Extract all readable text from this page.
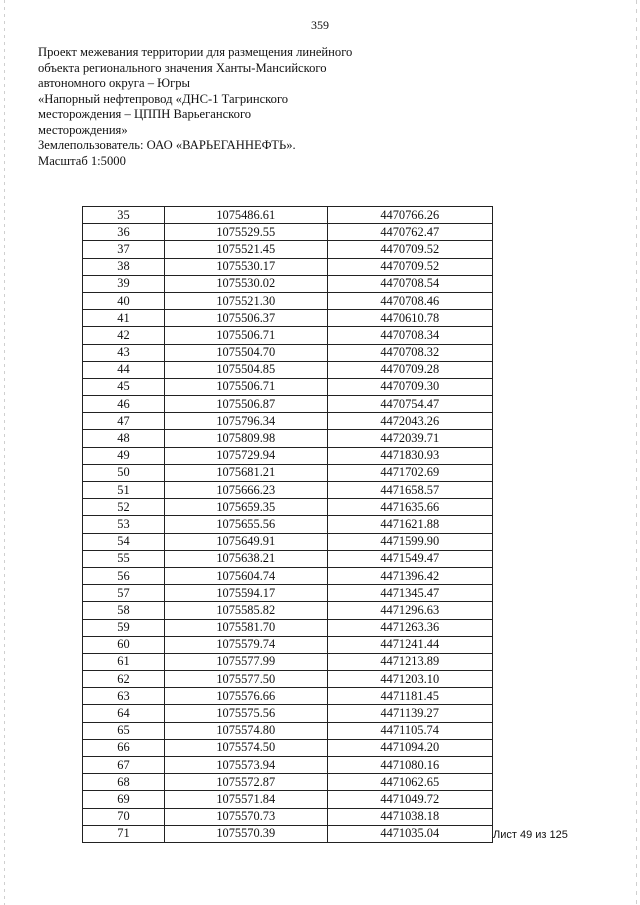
359
Проект межевания территории для размещения линейного
объекта регионального значения Ханты-Мансийского
автономного округа – Югры
«Напорный нефтепровод «ДНС-1 Тагринского
месторождения – ЦППН Варьеганского
месторождения»
Землепользователь: ОАО «ВАРЬЕГАННЕФТЬ».
Масштаб 1:5000
35	1075486.61	4470766.26
36	1075529.55	4470762.47
37	1075521.45	4470709.52
38	1075530.17	4470709.52
39	1075530.02	4470708.54
40	1075521.30	4470708.46
41	1075506.37	4470610.78
42	1075506.71	4470708.34
43	1075504.70	4470708.32
44	1075504.85	4470709.28
45	1075506.71	4470709.30
46	1075506.87	4470754.47
47	1075796.34	4472043.26
48	1075809.98	4472039.71
49	1075729.94	4471830.93
50	1075681.21	4471702.69
51	1075666.23	4471658.57
52	1075659.35	4471635.66
53	1075655.56	4471621.88
54	1075649.91	4471599.90
55	1075638.21	4471549.47
56	1075604.74	4471396.42
57	1075594.17	4471345.47
58	1075585.82	4471296.63
59	1075581.70	4471263.36
60	1075579.74	4471241.44
61	1075577.99	4471213.89
62	1075577.50	4471203.10
63	1075576.66	4471181.45
64	1075575.56	4471139.27
65	1075574.80	4471105.74
66	1075574.50	4471094.20
67	1075573.94	4471080.16
68	1075572.87	4471062.65
69	1075571.84	4471049.72
70	1075570.73	4471038.18
71	1075570.39	4471035.04	Лист 49 из 125
